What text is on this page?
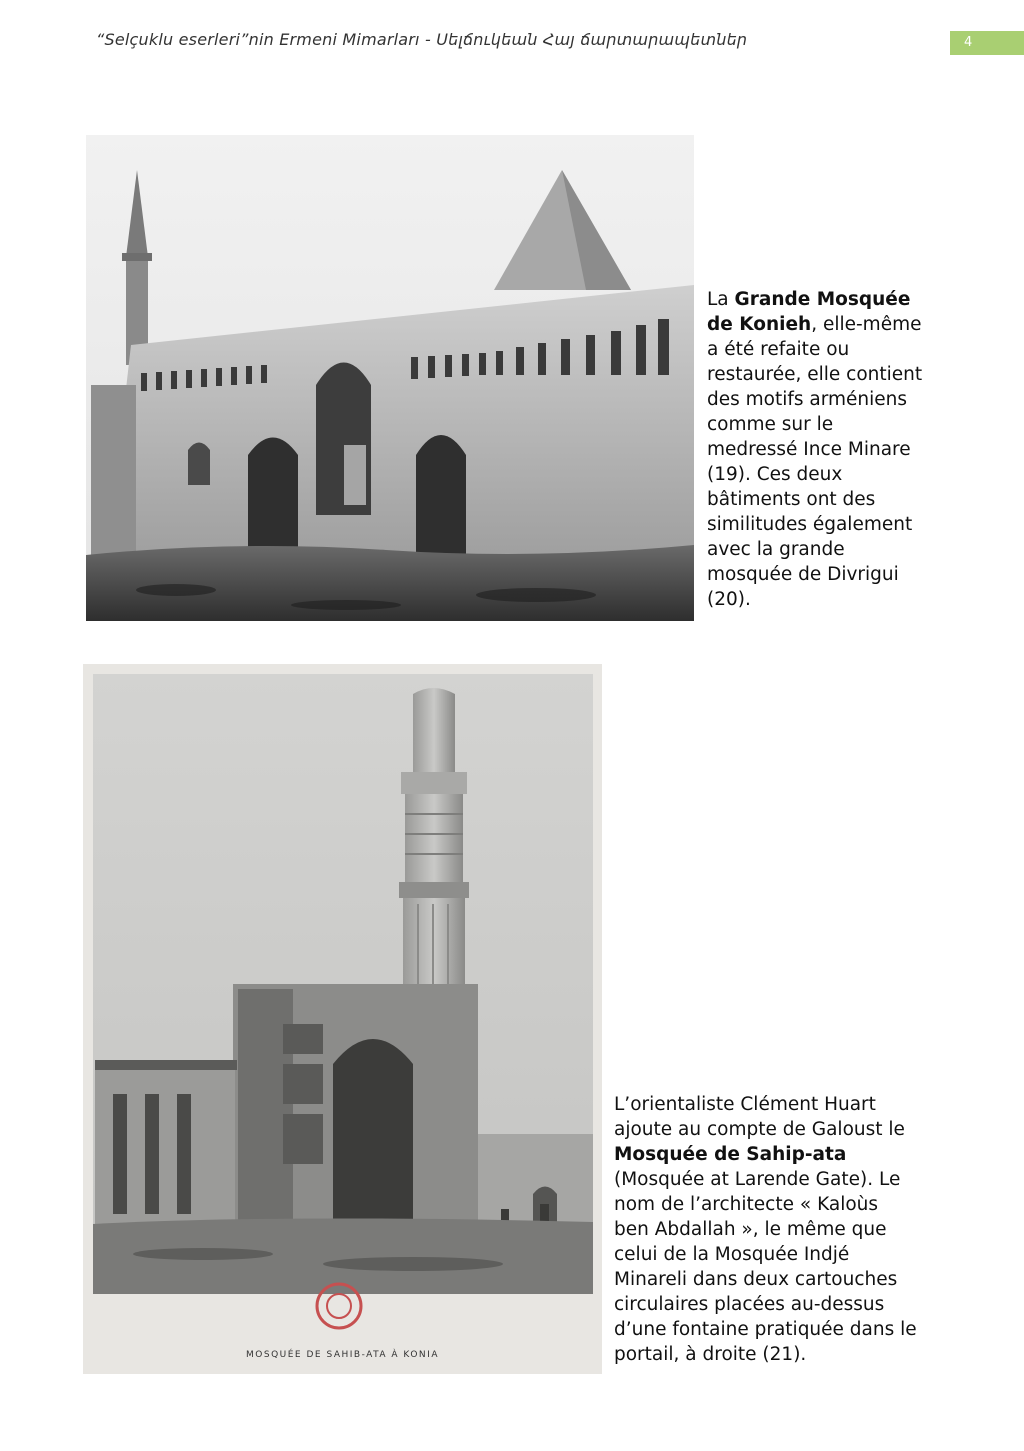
“Selçuklu eserleri”nin Ermeni Mimarları - Սելճուկեան Հայ ճարտարապետներ	4
La Grande Mosquée
de Konieh, elle-même
a été refaite ou
restaurée, elle contient
des motifs arméniens
comme sur le
medressé Ince Minare
(19). Ces deux
bâtiments ont des
similitudes également
avec la grande
mosquée de Divrigui
(20).
MOSQUÉE DE SAHIB-ATA À KONIA
L’orientaliste Clément Huart
ajoute au compte de Galoust le
Mosquée de Sahip-ata
(Mosquée at Larende Gate). Le
nom de l’architecte « Kaloùs
ben Abdallah », le même que
celui de la Mosquée Indjé
Minareli dans deux cartouches
circulaires placées au-dessus
d’une fontaine pratiquée dans le
portail, à droite (21).
